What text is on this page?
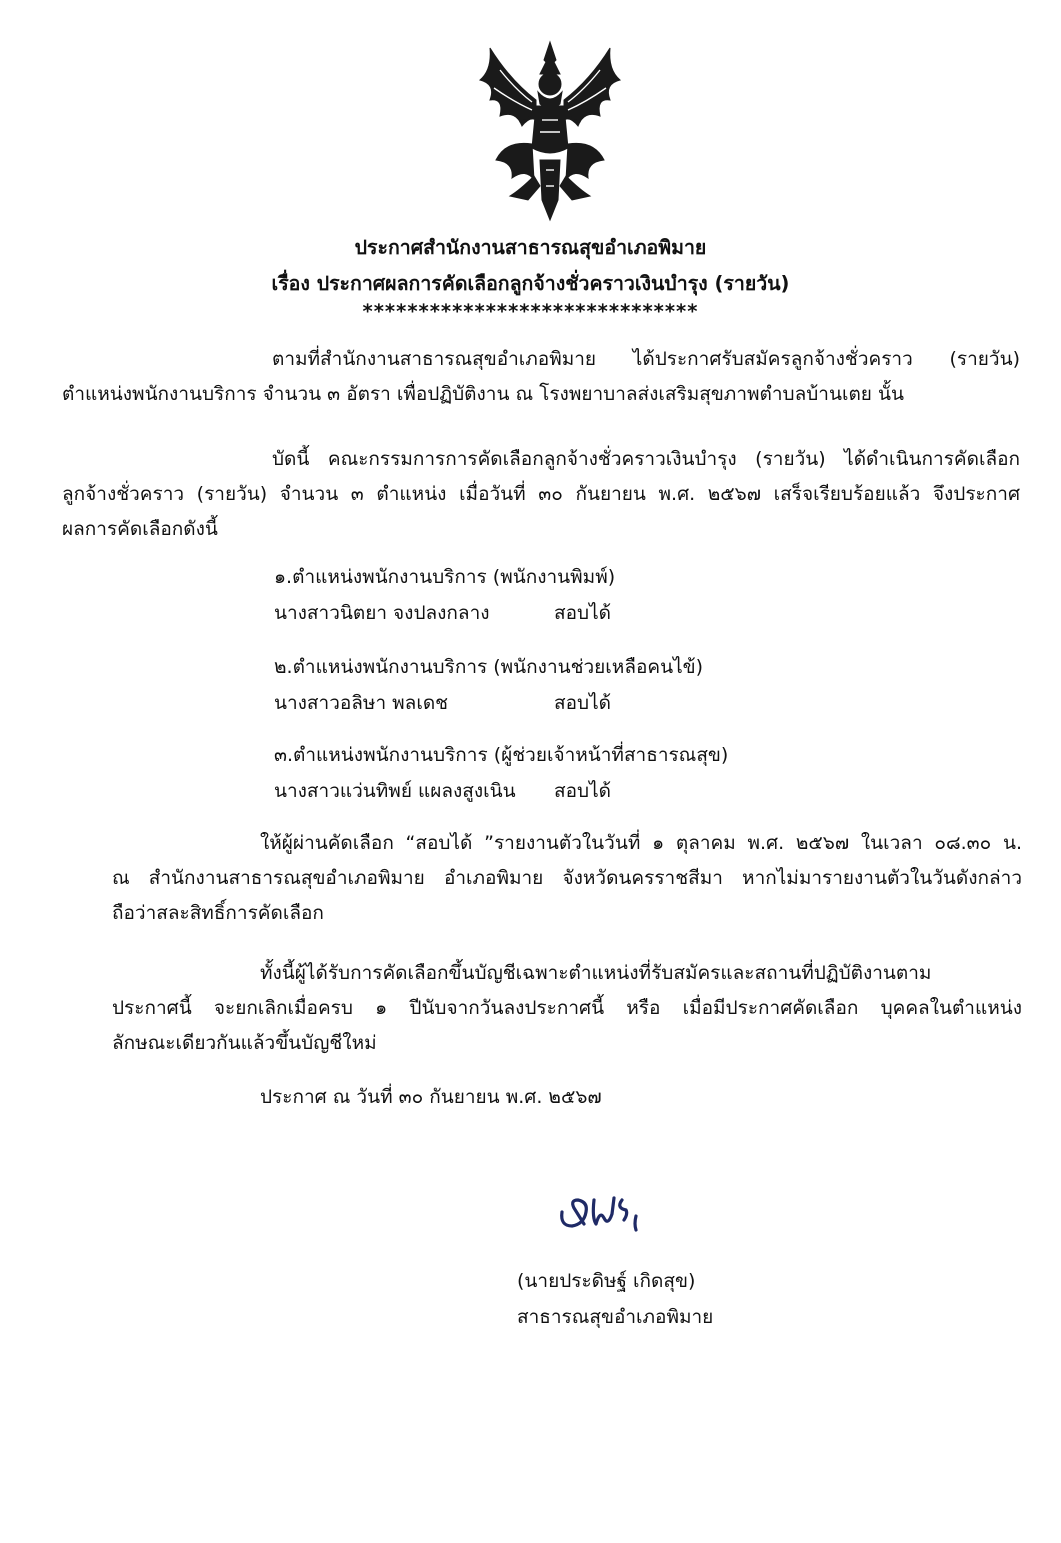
ประกาศสำนักงานสาธารณสุขอำเภอพิมาย
เรื่อง ประกาศผลการคัดเลือกลูกจ้างชั่วคราวเงินบำรุง (รายวัน)
******************************

ตามที่สำนักงานสาธารณสุขอำเภอพิมาย ได้ประกาศรับสมัครลูกจ้างชั่วคราว (รายวัน)

ตำแหน่งพนักงานบริการ จำนวน ๓ อัตรา เพื่อปฏิบัติงาน ณ โรงพยาบาลส่งเสริมสุขภาพตำบลบ้านเตย นั้น

บัดนี้ คณะกรรมการการคัดเลือกลูกจ้างชั่วคราวเงินบำรุง (รายวัน) ได้ดำเนินการคัดเลือก

ลูกจ้างชั่วคราว (รายวัน) จำนวน ๓ ตำแหน่ง เมื่อวันที่ ๓๐ กันยายน พ.ศ. ๒๕๖๗ เสร็จเรียบร้อยแล้ว จึงประกาศ

ผลการคัดเลือกดังนี้

๑.ตำแหน่งพนักงานบริการ (พนักงานพิมพ์)
นางสาวนิตยา จงปลงกลาง	สอบได้
๒.ตำแหน่งพนักงานบริการ (พนักงานช่วยเหลือคนไข้)
นางสาวอลิษา พลเดช	สอบได้
๓.ตำแหน่งพนักงานบริการ (ผู้ช่วยเจ้าหน้าที่สาธารณสุข)
นางสาวแว่นทิพย์ แผลงสูงเนิน สอบได้

ให้ผู้ผ่านคัดเลือก “สอบได้ ”รายงานตัวในวันที่ ๑ ตุลาคม พ.ศ. ๒๕๖๗ ในเวลา ๐๘.๓๐ น.

ณ สำนักงานสาธารณสุขอำเภอพิมาย อำเภอพิมาย จังหวัดนครราชสีมา หากไม่มารายงานตัวในวันดังกล่าว

ถือว่าสละสิทธิ์การคัดเลือก

ทั้งนี้ผู้ได้รับการคัดเลือกขึ้นบัญชีเฉพาะตำแหน่งที่รับสมัครและสถานที่ปฏิบัติงานตาม

ประกาศนี้ จะยกเลิกเมื่อครบ ๑ ปีนับจากวันลงประกาศนี้ หรือ เมื่อมีประกาศคัดเลือก บุคคลในตำแหน่ง

ลักษณะเดียวกันแล้วขึ้นบัญชีใหม่

ประกาศ ณ วันที่ ๓๐ กันยายน พ.ศ. ๒๕๖๗
(นายประดิษฐ์ เกิดสุข)
สาธารณสุขอำเภอพิมาย
